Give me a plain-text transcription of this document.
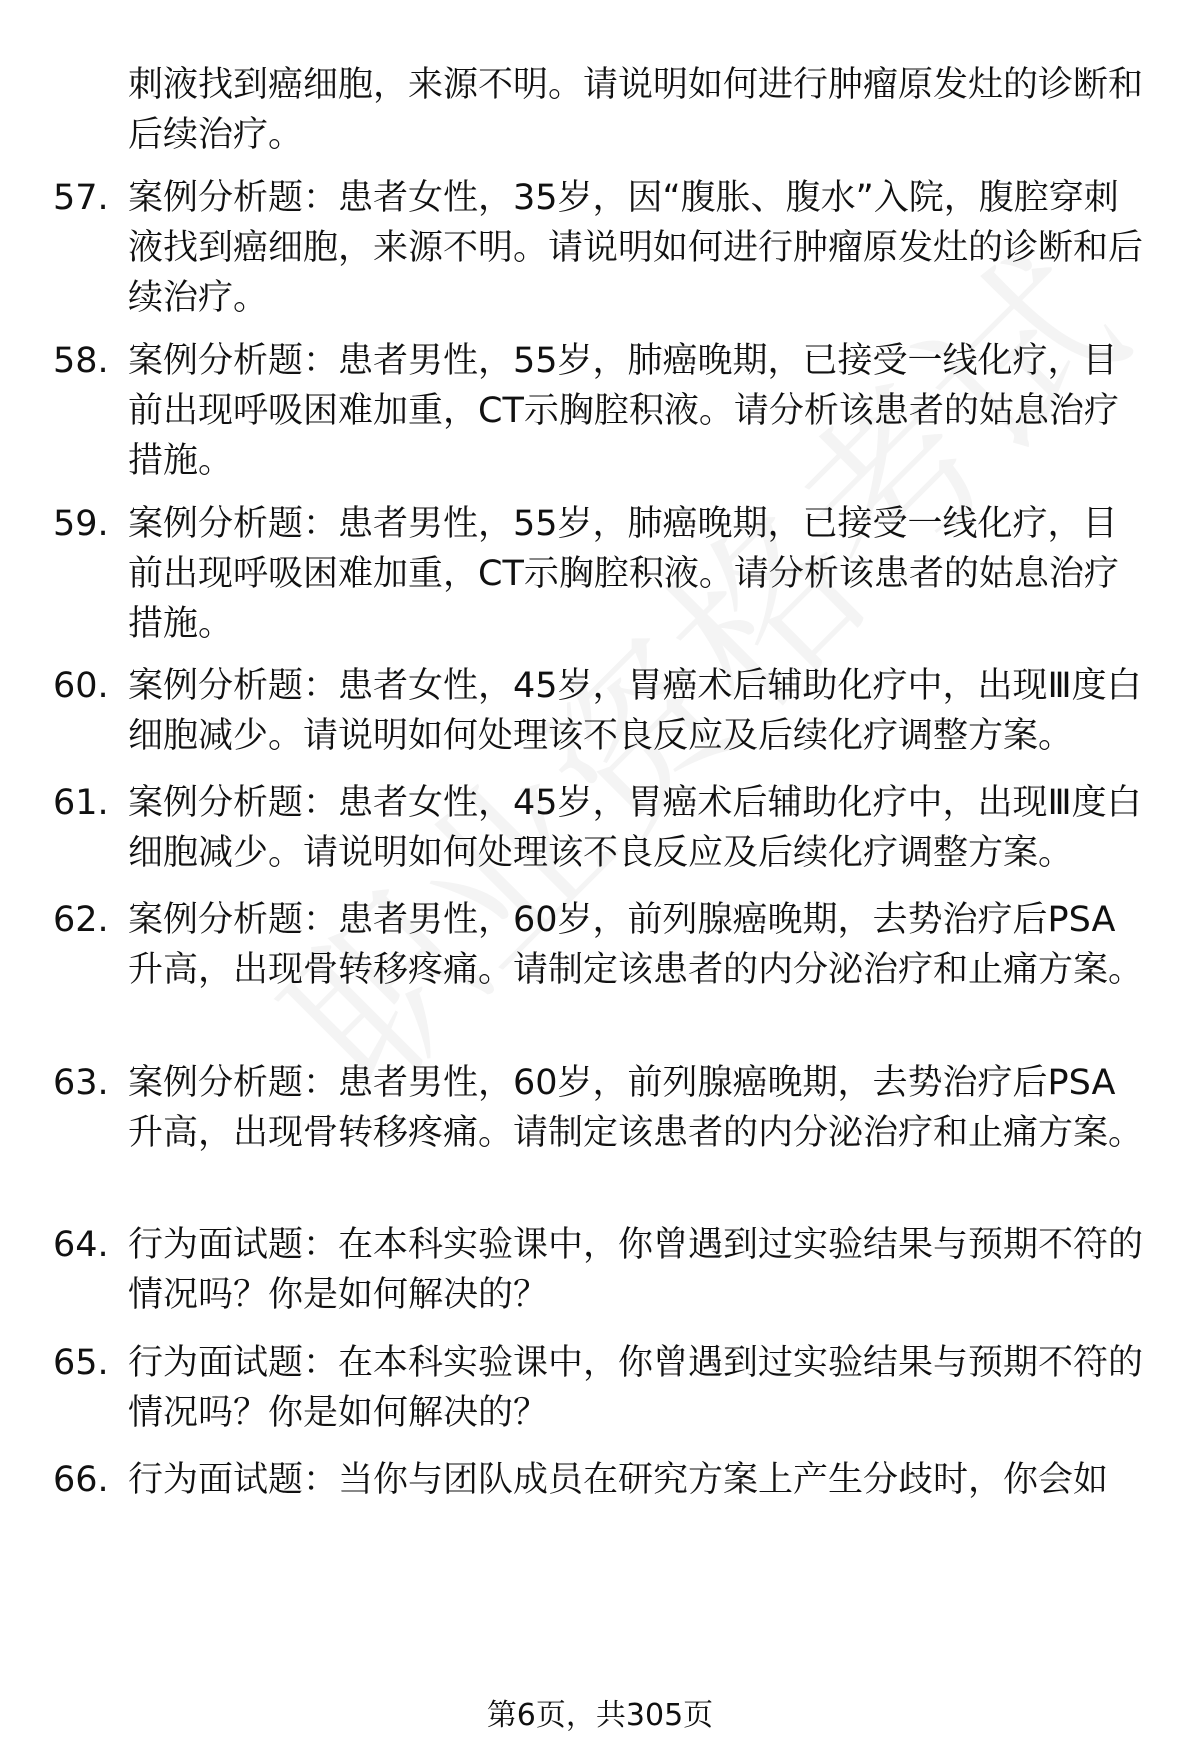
刺液找到癌细胞，来源不明。请说明如何进行肿瘤原发灶的诊断和后续治疗。
57. 案例分析题：患者女性，35岁，因“腹胀、腹水”入院，腹腔穿刺液找到癌细胞，来源不明。请说明如何进行肿瘤原发灶的诊断和后续治疗。
58. 案例分析题：患者男性，55岁，肺癌晚期，已接受一线化疗，目前出现呼吸困难加重，CT示胸腔积液。请分析该患者的姑息治疗措施。
59. 案例分析题：患者男性，55岁，肺癌晚期，已接受一线化疗，目前出现呼吸困难加重，CT示胸腔积液。请分析该患者的姑息治疗措施。
60. 案例分析题：患者女性，45岁，胃癌术后辅助化疗中，出现Ⅲ度白细胞减少。请说明如何处理该不良反应及后续化疗调整方案。
61. 案例分析题：患者女性，45岁，胃癌术后辅助化疗中，出现Ⅲ度白细胞减少。请说明如何处理该不良反应及后续化疗调整方案。
62. 案例分析题：患者男性，60岁，前列腺癌晚期，去势治疗后PSA升高，出现骨转移疼痛。请制定该患者的内分泌治疗和止痛方案。
63. 案例分析题：患者男性，60岁，前列腺癌晚期，去势治疗后PSA升高，出现骨转移疼痛。请制定该患者的内分泌治疗和止痛方案。
64. 行为面试题：在本科实验课中，你曾遇到过实验结果与预期不符的情况吗？你是如何解决的？
65. 行为面试题：在本科实验课中，你曾遇到过实验结果与预期不符的情况吗？你是如何解决的？
66. 行为面试题：当你与团队成员在研究方案上产生分歧时，你会如
第6页，共305页
